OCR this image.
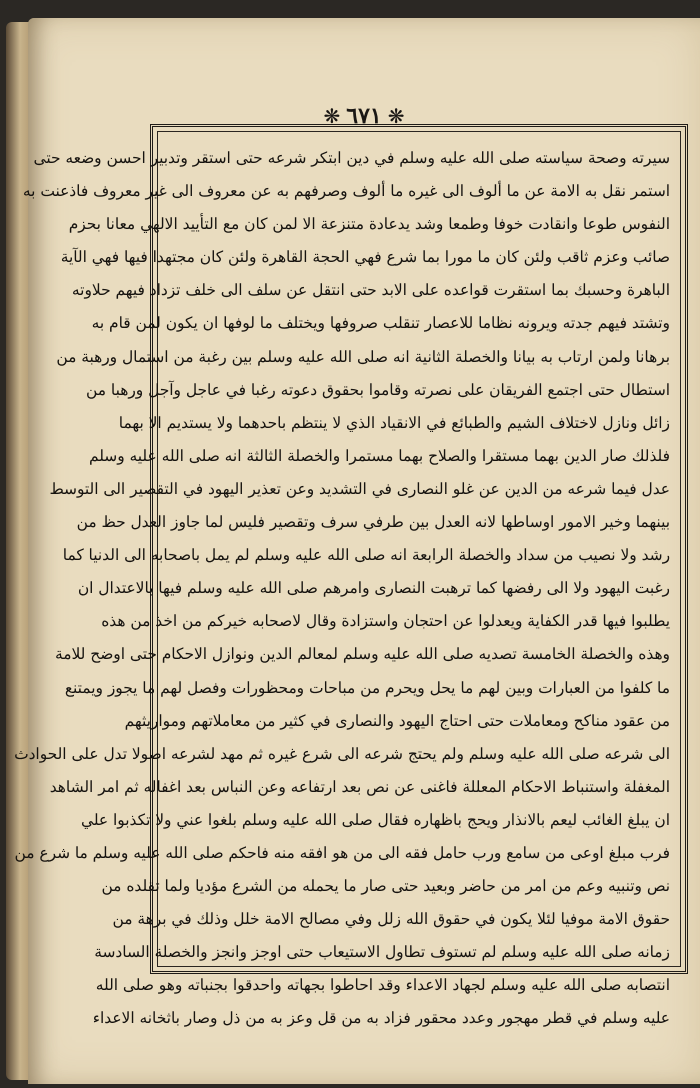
❋ ٦٧١ ❋
سيرته وصحة سياسته صلى الله عليه وسلم في دين ابتكر شرعه حتى استقر وتدبير احسن وضعه حتى
استمر نقل به الامة عن ما ألوف الى غيره ما ألوف وصرفهم به عن معروف الى غير معروف فاذعنت به
النفوس طوعا وانقادت خوفا وطمعا وشد يدعادة متنزعة الا لمن كان مع التأييد الالهي معانا بحزم
صائب وعزم ثاقب ولئن كان ما مورا بما شرع فهي الحجة القاهرة ولئن كان مجتهدا فيها فهي الآية
الباهرة وحسبك بما استقرت قواعده على الابد حتى انتقل عن سلف الى خلف تزداد فيهم حلاوته
وتشتد فيهم جدته ويرونه نظاما للاعصار تنقلب صروفها ويختلف ما لوفها ان يكون لمن قام به
برهانا ولمن ارتاب به بيانا والخصلة الثانية انه صلى الله عليه وسلم بين رغبة من استمال ورهبة من
استطال حتى اجتمع الفريقان على نصرته وقاموا بحقوق دعوته رغبا في عاجل وآجل ورهبا من
زائل ونازل لاختلاف الشيم والطبائع في الانقياد الذي لا ينتظم باحدهما ولا يستديم الا بهما
فلذلك صار الدين بهما مستقرا والصلاح بهما مستمرا والخصلة الثالثة انه صلى الله عليه وسلم
عدل فيما شرعه من الدين عن غلو النصارى في التشديد وعن تعذير اليهود في التقصير الى التوسط
بينهما وخير الامور اوساطها لانه العدل بين طرفي سرف وتقصير فليس لما جاوز العدل حظ من
رشد ولا نصيب من سداد والخصلة الرابعة انه صلى الله عليه وسلم لم يمل باصحابه الى الدنيا كما
رغبت اليهود ولا الى رفضها كما ترهبت النصارى وامرهم صلى الله عليه وسلم فيها بالاعتدال ان
يطلبوا فيها قدر الكفاية ويعدلوا عن احتجان واستزادة وقال لاصحابه خيركم من اخذ من هذه
وهذه والخصلة الخامسة تصديه صلى الله عليه وسلم لمعالم الدين ونوازل الاحكام حتى اوضح للامة
ما كلفوا من العبارات وبين لهم ما يحل ويحرم من مباحات ومحظورات وفصل لهم ما يجوز ويمتنع
من عقود مناكح ومعاملات حتى احتاج اليهود والنصارى في كثير من معاملاتهم ومواريثهم
الى شرعه صلى الله عليه وسلم ولم يحتج شرعه الى شرع غيره ثم مهد لشرعه اصولا تدل على الحوادث
المغفلة واستنباط الاحكام المعللة فاغنى عن نص بعد ارتفاعه وعن النباس بعد اغفاله ثم امر الشاهد
ان يبلغ الغائب ليعم بالانذار ويحج باظهاره فقال صلى الله عليه وسلم بلغوا عني ولا تكذبوا علي
فرب مبلغ اوعى من سامع ورب حامل فقه الى من هو افقه منه فاحكم صلى الله عليه وسلم ما شرع من
نص وتنبيه وعم من امر من حاضر وبعيد حتى صار ما يحمله من الشرع مؤديا ولما تقلده من
حقوق الامة موفيا لئلا يكون في حقوق الله زلل وفي مصالح الامة خلل وذلك في برهة من
زمانه صلى الله عليه وسلم لم تستوف تطاول الاستيعاب حتى اوجز وانجز والخصلة السادسة
انتصابه صلى الله عليه وسلم لجهاد الاعداء وقد احاطوا بجهاته واحدقوا بجنباته وهو صلى الله
عليه وسلم في قطر مهجور وعدد محقور فزاد به من قل وعز به من ذل وصار باثخانه الاعداء
